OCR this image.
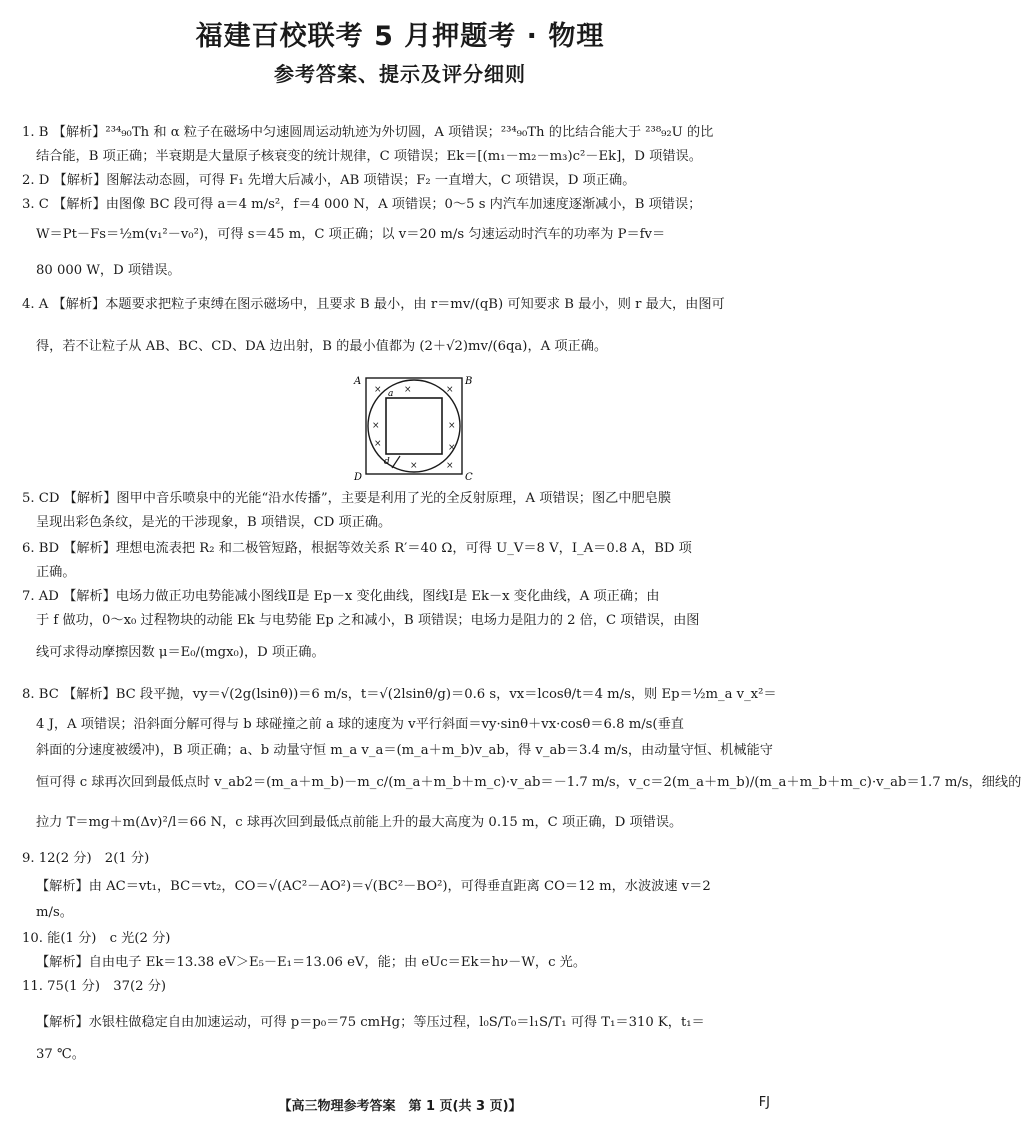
福建百校联考 5 月押题考 · 物理
参考答案、提示及评分细则
1. B 【解析】²³⁴₉₀Th 和 α 粒子在磁场中匀速圆周运动轨迹为外切圆，A 项错误；²³⁴₉₀Th 的比结合能大于 ²³⁸₉₂U 的比
结合能，B 项正确；半衰期是大量原子核衰变的统计规律，C 项错误；Ek＝[(m₁－m₂－m₃)c²－Ek]，D 项错误。
2. D 【解析】图解法动态圆，可得 F₁ 先增大后减小，AB 项错误；F₂ 一直增大，C 项错误，D 项正确。
3. C 【解析】由图像 BC 段可得 a＝4 m/s²，f＝4 000 N，A 项错误；0～5 s 内汽车加速度逐渐减小，B 项错误；
W＝Pt－Fs＝½m(v₁²－v₀²)，可得 s＝45 m，C 项正确；以 v＝20 m/s 匀速运动时汽车的功率为 P＝fv＝
80 000 W，D 项错误。
4. A 【解析】本题要求把粒子束缚在图示磁场中，且要求 B 最小，由 r＝mv/(qB) 可知要求 B 最小，则 r 最大，由图可
得，若不让粒子从 AB、BC、CD、DA 边出射，B 的最小值都为 (2＋√2)mv/(6qa)，A 项正确。
A	B
C
D
a
d
× ×	×
×	×
×	×
×	×
5. CD 【解析】图甲中音乐喷泉中的光能“沿水传播”，主要是利用了光的全反射原理，A 项错误；图乙中肥皂膜
呈现出彩色条纹，是光的干涉现象，B 项错误，CD 项正确。
6. BD 【解析】理想电流表把 R₂ 和二极管短路，根据等效关系 R′＝40 Ω，可得 U_V＝8 V，I_A＝0.8 A，BD 项
正确。
7. AD 【解析】电场力做正功电势能减小图线Ⅱ是 Ep－x 变化曲线，图线Ⅰ是 Ek－x 变化曲线，A 项正确；由
于 f 做功，0～x₀ 过程物块的动能 Ek 与电势能 Ep 之和减小，B 项错误；电场力是阻力的 2 倍，C 项错误，由图
线可求得动摩擦因数 μ＝E₀/(mgx₀)，D 项正确。
8. BC 【解析】BC 段平抛，vy＝√(2g(lsinθ))＝6 m/s，t＝√(2lsinθ/g)＝0.6 s，vx＝lcosθ/t＝4 m/s，则 Ep＝½m_a v_x²＝
4 J，A 项错误；沿斜面分解可得与 b 球碰撞之前 a 球的速度为 v平行斜面＝vy·sinθ＋vx·cosθ＝6.8 m/s(垂直
斜面的分速度被缓冲)，B 项正确；a、b 动量守恒 m_a v_a＝(m_a＋m_b)v_ab，得 v_ab＝3.4 m/s，由动量守恒、机械能守
恒可得 c 球再次回到最低点时 v_ab2＝(m_a＋m_b)－m_c/(m_a＋m_b＋m_c)·v_ab＝－1.7 m/s，v_c＝2(m_a＋m_b)/(m_a＋m_b＋m_c)·v_ab＝1.7 m/s，细线的
拉力 T＝mg＋m(Δv)²/l＝66 N，c 球再次回到最低点前能上升的最大高度为 0.15 m，C 项正确，D 项错误。
9. 12(2 分)　2(1 分)
【解析】由 AC＝vt₁，BC＝vt₂，CO＝√(AC²－AO²)＝√(BC²－BO²)，可得垂直距离 CO＝12 m，水波波速 v＝2
m/s。
10. 能(1 分)　c 光(2 分)
【解析】自由电子 Ek＝13.38 eV＞E₅－E₁＝13.06 eV，能；由 eUc＝Ek＝hν－W，c 光。
11. 75(1 分)　37(2 分)
【解析】水银柱做稳定自由加速运动，可得 p＝p₀＝75 cmHg；等压过程，l₀S/T₀＝l₁S/T₁ 可得 T₁＝310 K，t₁＝
37 ℃。
【高三物理参考答案　第 1 页(共 3 页)】	FJ
